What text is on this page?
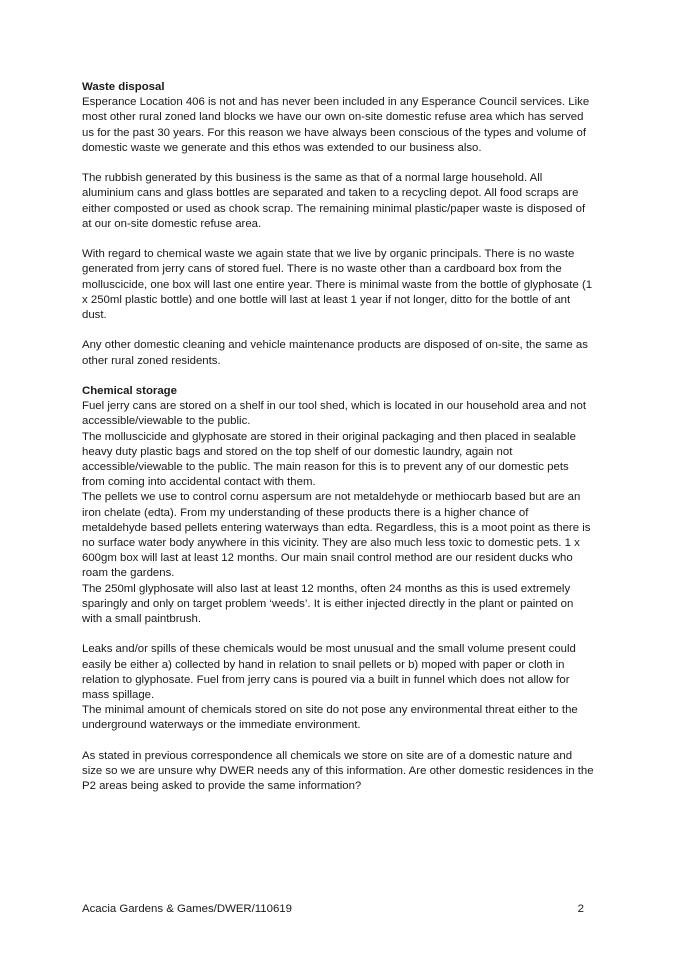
Waste disposal

Esperance Location 406 is not and has never been included in any Esperance Council services. Like most other rural zoned land blocks we have our own on-site domestic refuse area which has served us for the past 30 years. For this reason we have always been conscious of the types and volume of domestic waste we generate and this ethos was extended to our business also.

The rubbish generated by this business is the same as that of a normal large household. All aluminium cans and glass bottles are separated and taken to a recycling depot. All food scraps are either composted or used as chook scrap. The remaining minimal plastic/paper waste is disposed of at our on-site domestic refuse area.

With regard to chemical waste we again state that we live by organic principals. There is no waste generated from jerry cans of stored fuel. There is no waste other than a cardboard box from the molluscicide, one box will last one entire year. There is minimal waste from the bottle of glyphosate (1 x 250ml plastic bottle) and one bottle will last at least 1 year if not longer, ditto for the bottle of ant dust.

Any other domestic cleaning and vehicle maintenance products are disposed of on-site, the same as other rural zoned residents.

Chemical storage

Fuel jerry cans are stored on a shelf in our tool shed, which is located in our household area and not accessible/viewable to the public.

The molluscicide and glyphosate are stored in their original packaging and then placed in sealable heavy duty plastic bags and stored on the top shelf of our domestic laundry, again not accessible/viewable to the public. The main reason for this is to prevent any of our domestic pets from coming into accidental contact with them.

The pellets we use to control cornu aspersum are not metaldehyde or methiocarb based but are an iron chelate (edta). From my understanding of these products there is a higher chance of metaldehyde based pellets entering waterways than edta. Regardless, this is a moot point as there is no surface water body anywhere in this vicinity. They are also much less toxic to domestic pets. 1 x 600gm box will last at least 12 months. Our main snail control method are our resident ducks who roam the gardens.

The 250ml glyphosate will also last at least 12 months, often 24 months as this is used extremely sparingly and only on target problem ‘weeds’. It is either injected directly in the plant or painted on with a small paintbrush.

Leaks and/or spills of these chemicals would be most unusual and the small volume present could easily be either a) collected by hand in relation to snail pellets or b) moped with paper or cloth in relation to glyphosate. Fuel from jerry cans is poured via a built in funnel which does not allow for mass spillage.

The minimal amount of chemicals stored on site do not pose any environmental threat either to the underground waterways or the immediate environment.

As stated in previous correspondence all chemicals we store on site are of a domestic nature and size so we are unsure why DWER needs any of this information. Are other domestic residences in the P2 areas being asked to provide the same information?

Acacia Gardens & Games/DWER/110619	2
